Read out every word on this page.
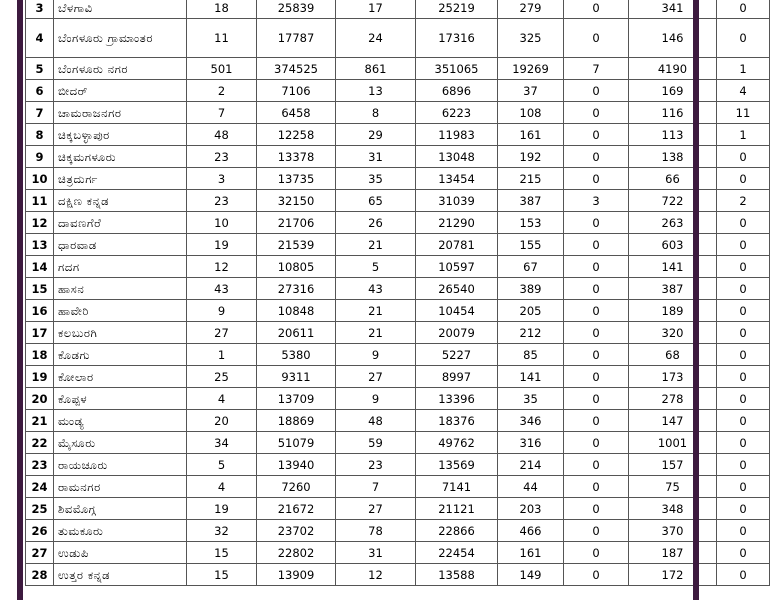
3	ಬೆಳಗಾವಿ	18	25839	17	25219	279	0	341	0
4	ಬೆಂಗಳೂರು ಗ್ರಾಮಾಂತರ	11	17787	24	17316	325	0	146	0
5	ಬೆಂಗಳೂರು ನಗರ	501	374525	861	351065	19269	7	4190	1
6	ಬೀದರ್	2	7106	13	6896	37	0	169	4
7	ಚಾಮರಾಜನಗರ	7	6458	8	6223	108	0	116	11
8	ಚಿಕ್ಕಬಳ್ಳಾಪುರ	48	12258	29	11983	161	0	113	1
9	ಚಿಕ್ಕಮಗಳೂರು	23	13378	31	13048	192	0	138	0
10	ಚಿತ್ರದುರ್ಗ	3	13735	35	13454	215	0	66	0
11	ದಕ್ಷಿಣ ಕನ್ನಡ	23	32150	65	31039	387	3	722	2
12	ದಾವಣಗೆರೆ	10	21706	26	21290	153	0	263	0
13	ಧಾರವಾಡ	19	21539	21	20781	155	0	603	0
14	ಗದಗ	12	10805	5	10597	67	0	141	0
15	ಹಾಸನ	43	27316	43	26540	389	0	387	0
16	ಹಾವೇರಿ	9	10848	21	10454	205	0	189	0
17	ಕಲಬುರಗಿ	27	20611	21	20079	212	0	320	0
18	ಕೊಡಗು	1	5380	9	5227	85	0	68	0
19	ಕೋಲಾರ	25	9311	27	8997	141	0	173	0
20	ಕೊಪ್ಪಳ	4	13709	9	13396	35	0	278	0
21	ಮಂಡ್ಯ	20	18869	48	18376	346	0	147	0
22	ಮೈಸೂರು	34	51079	59	49762	316	0	1001	0
23	ರಾಯಚೂರು	5	13940	23	13569	214	0	157	0
24	ರಾಮನಗರ	4	7260	7	7141	44	0	75	0
25	ಶಿವಮೊಗ್ಗ	19	21672	27	21121	203	0	348	0
26	ತುಮಕೂರು	32	23702	78	22866	466	0	370	0
27	ಉಡುಪಿ	15	22802	31	22454	161	0	187	0
28	ಉತ್ತರ ಕನ್ನಡ	15	13909	12	13588	149	0	172	0
